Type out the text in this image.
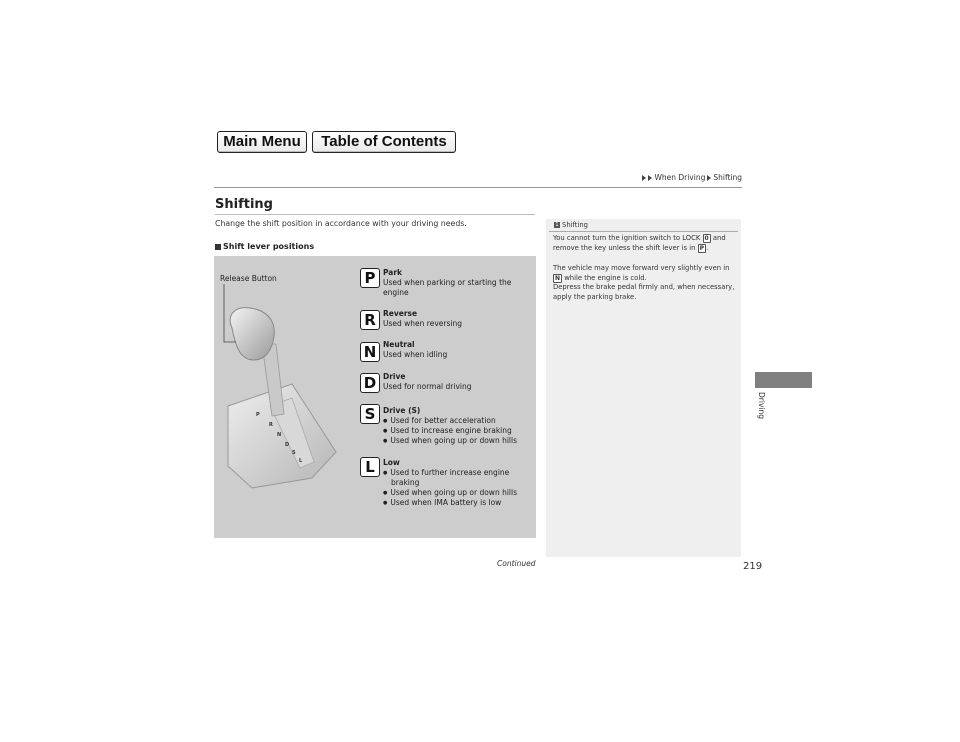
Main Menu	Table of Contents
When Driving Shifting
Driving
Shifting
Change the shift position in accordance with your driving needs.
Shift lever positions
P
R
N
D
S
L
Release Button	P	Park
Used when parking or starting the engine
R Reverse
Used when reversing
N Neutral
Used when idling
D Drive
Used for normal driving
S	Drive (S)
● Used for better acceleration
● Used to increase engine braking
● Used when going up or down hills
L	Low
● Used to further increase engine braking
● Used when going up or down hills
● Used when IMA battery is low
1 Shifting
You cannot turn the ignition switch to LOCK 0 and remove the key unless the shift lever is in P .
The vehicle may move forward very slightly even in N while the engine is cold.
Depress the brake pedal firmly and, when necessary, apply the parking brake.
Continued	219
